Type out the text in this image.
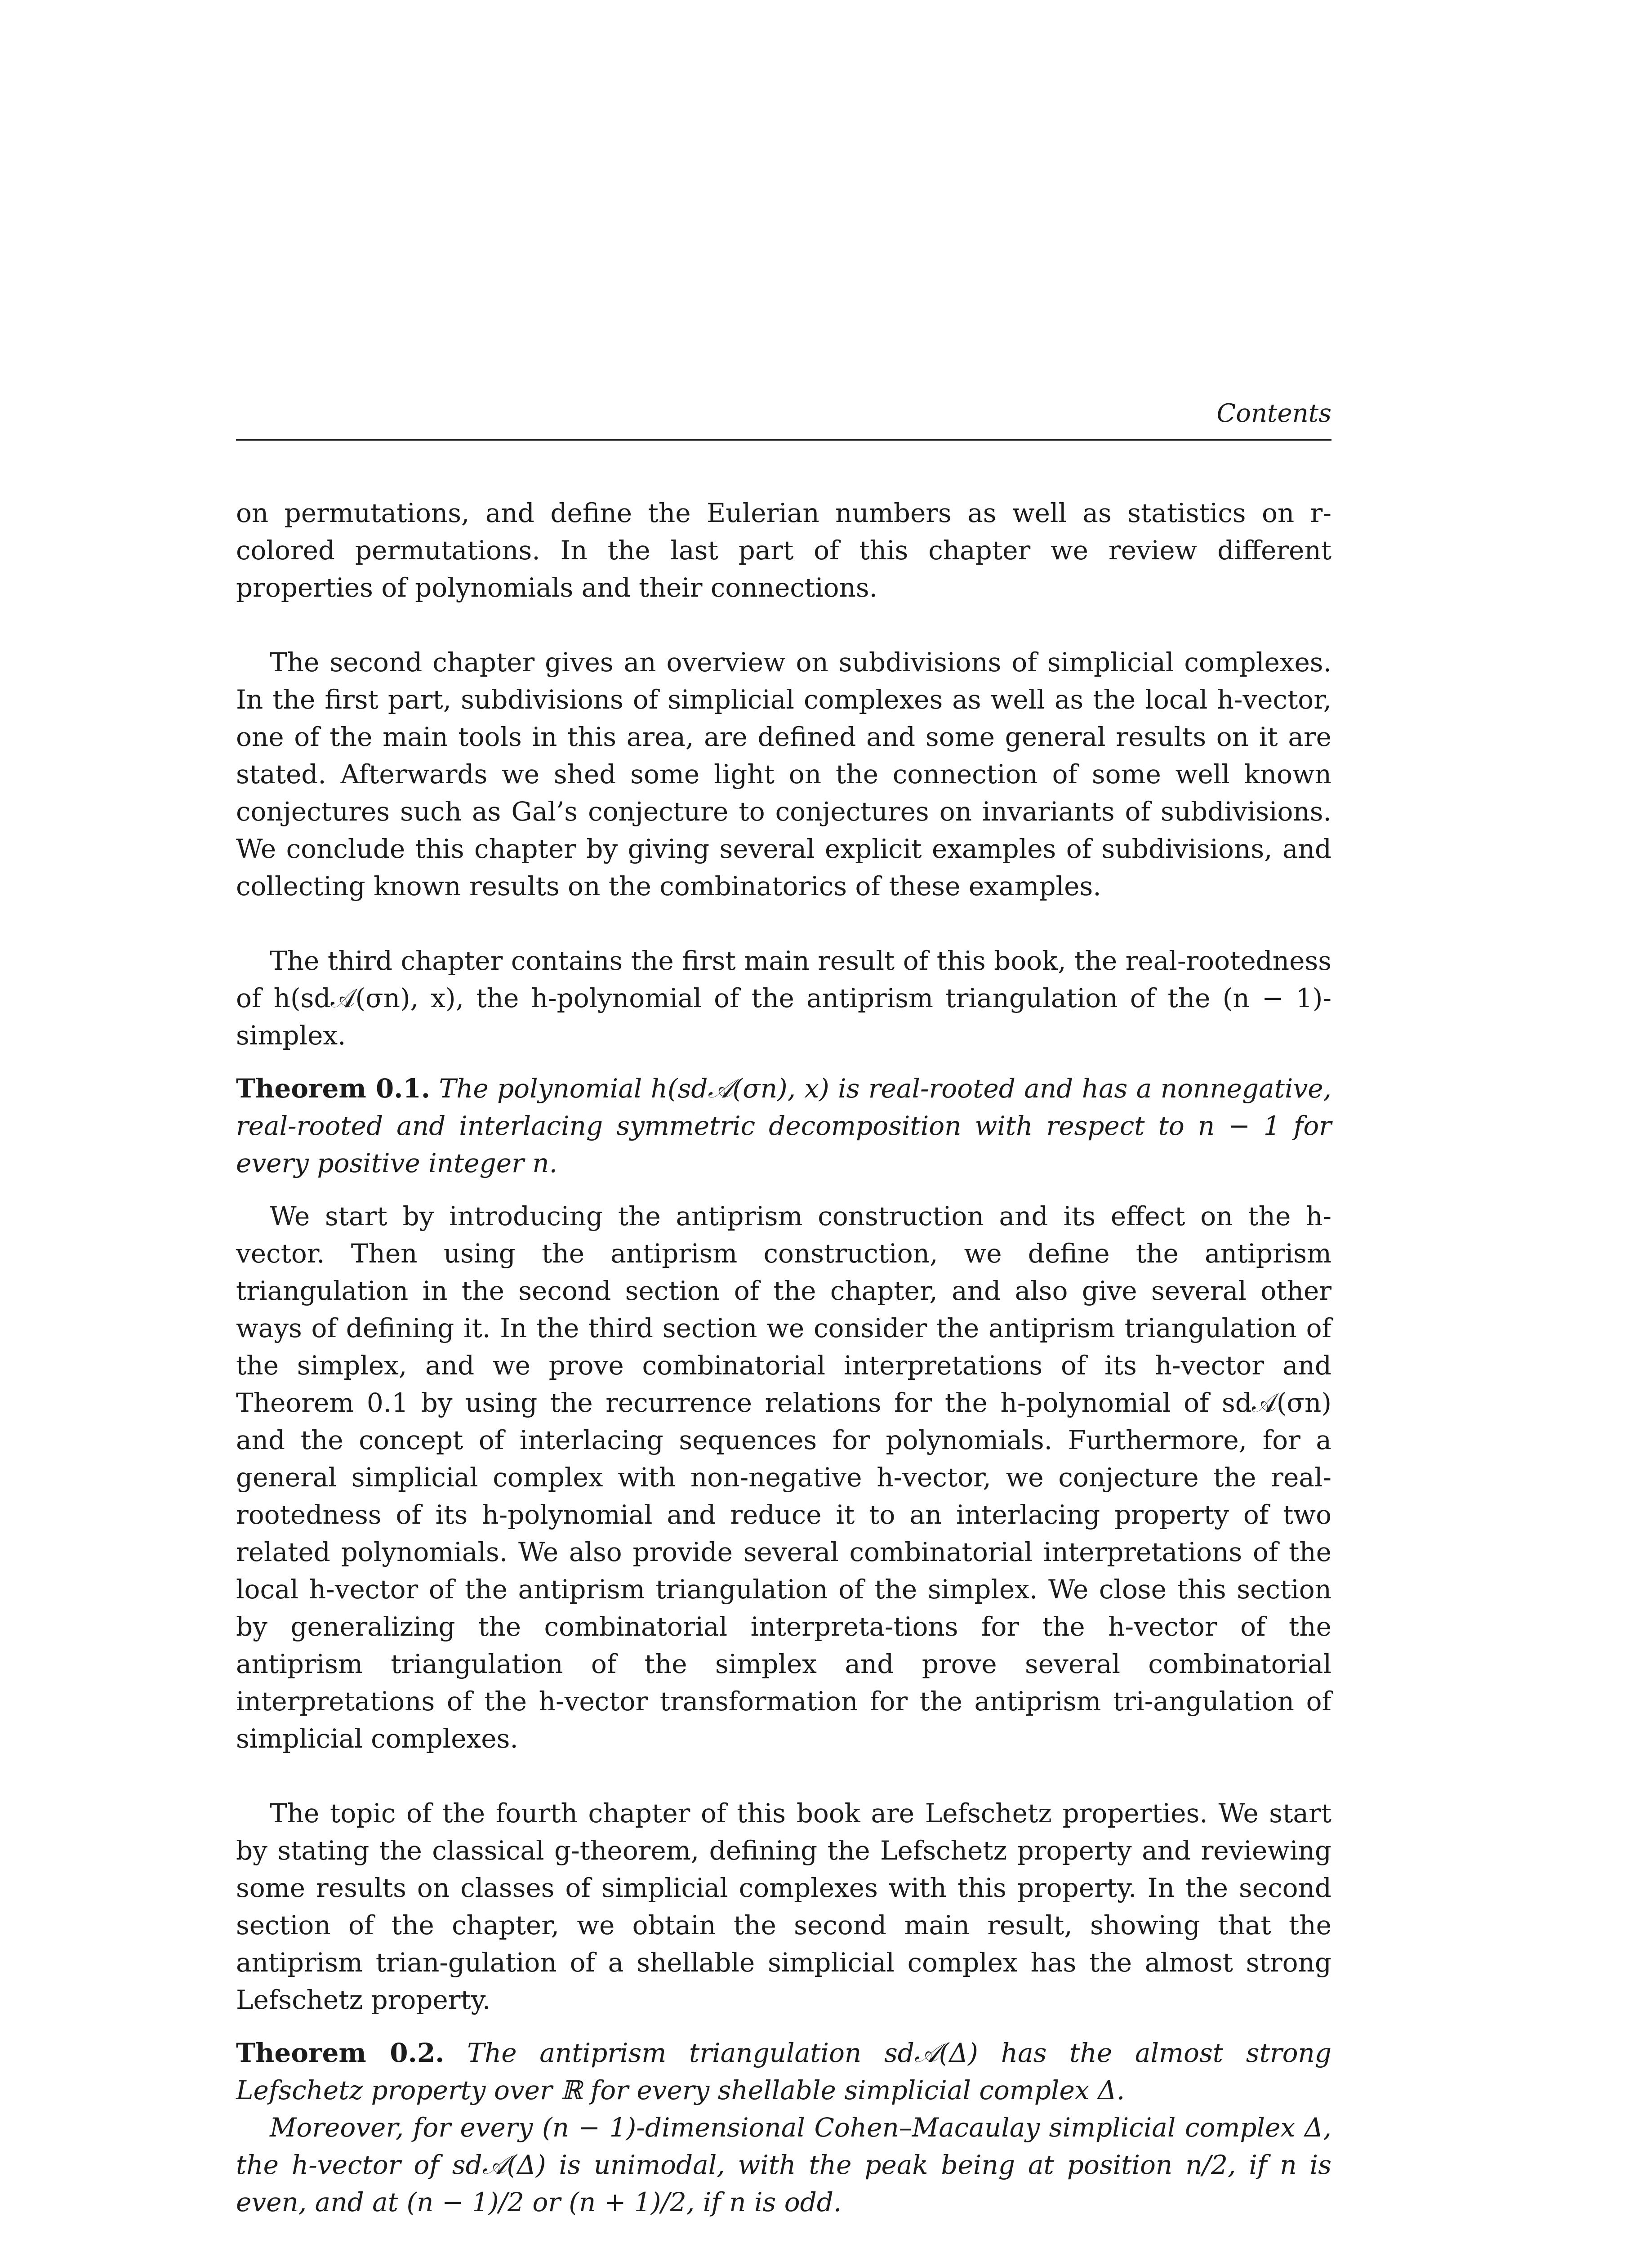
Contents

on permutations, and define the Eulerian numbers as well as statistics on r-colored permutations. In the last part of this chapter we review different properties of polynomials and their connections.

The second chapter gives an overview on subdivisions of simplicial complexes. In the first part, subdivisions of simplicial complexes as well as the local h-vector, one of the main tools in this area, are defined and some general results on it are stated. Afterwards we shed some light on the connection of some well known conjectures such as Gal’s conjecture to conjectures on invariants of subdivisions. We conclude this chapter by giving several explicit examples of subdivisions, and collecting known results on the combinatorics of these examples.

The third chapter contains the first main result of this book, the real-rootedness of h(sd𝒜(σn), x), the h-polynomial of the antiprism triangulation of the (n − 1)-simplex.

Theorem 0.1. The polynomial h(sd𝒜(σn), x) is real-rooted and has a nonnegative, real-rooted and interlacing symmetric decomposition with respect to n − 1 for every positive integer n.

We start by introducing the antiprism construction and its effect on the h-vector. Then using the antiprism construction, we define the antiprism triangulation in the second section of the chapter, and also give several other ways of defining it. In the third section we consider the antiprism triangulation of the simplex, and we prove combinatorial interpretations of its h-vector and Theorem 0.1 by using the recurrence relations for the h-polynomial of sd𝒜(σn) and the concept of interlacing sequences for polynomials. Furthermore, for a general simplicial complex with non-negative h-vector, we conjecture the real-rootedness of its h-polynomial and reduce it to an interlacing property of two related polynomials. We also provide several combinatorial interpretations of the local h-vector of the antiprism triangulation of the simplex. We close this section by generalizing the combinatorial interpreta-tions for the h-vector of the antiprism triangulation of the simplex and prove several combinatorial interpretations of the h-vector transformation for the antiprism tri-angulation of simplicial complexes.

The topic of the fourth chapter of this book are Lefschetz properties. We start by stating the classical g-theorem, defining the Lefschetz property and reviewing some results on classes of simplicial complexes with this property. In the second section of the chapter, we obtain the second main result, showing that the antiprism trian-gulation of a shellable simplicial complex has the almost strong Lefschetz property.

Theorem 0.2. The antiprism triangulation sd𝒜(Δ) has the almost strong Lefschetz property over ℝ for every shellable simplicial complex Δ.

Moreover, for every (n − 1)-dimensional Cohen–Macaulay simplicial complex Δ, the h-vector of sd𝒜(Δ) is unimodal, with the peak being at position n/2, if n is even, and at (n − 1)/2 or (n + 1)/2, if n is odd.
